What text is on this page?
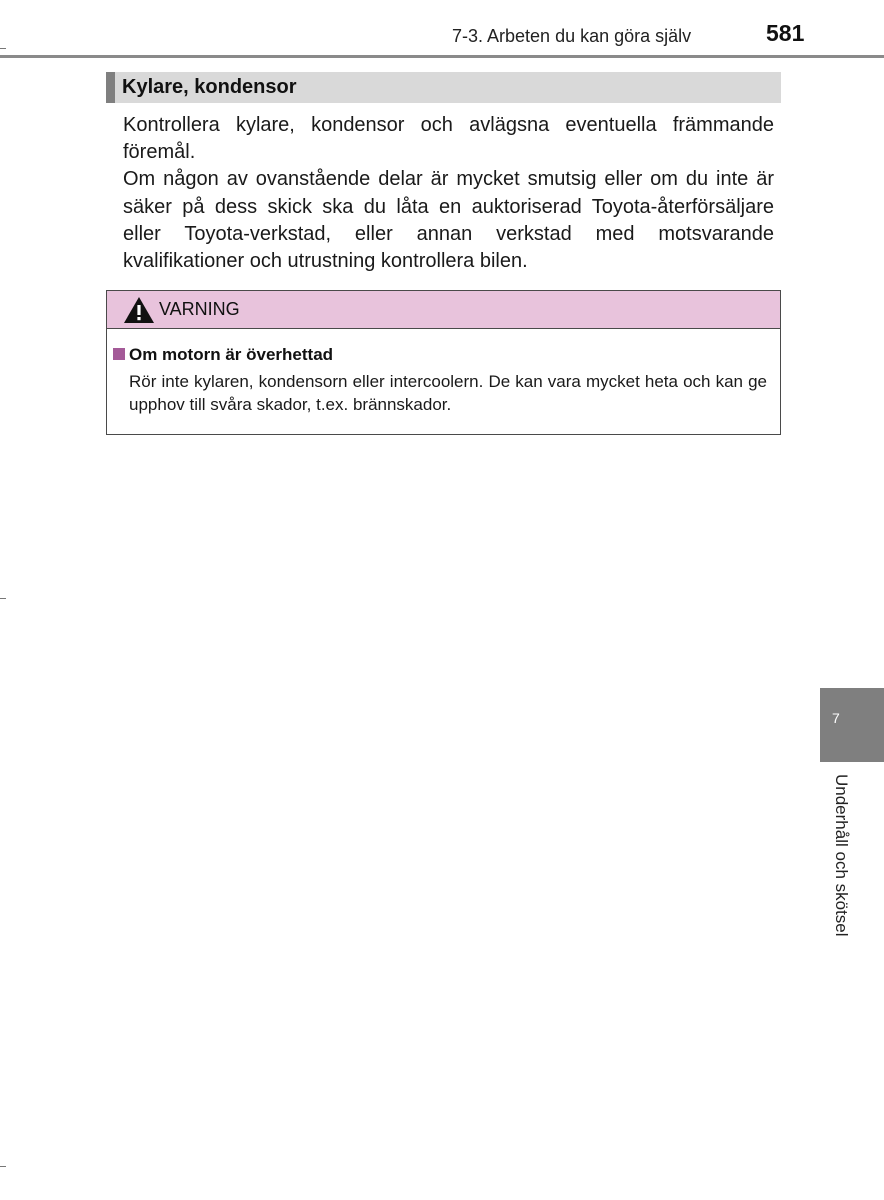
7-3. Arbeten du kan göra själv	581
Kylare, kondensor

Kontrollera kylare, kondensor och avlägsna eventuella främmande föremål.

Om någon av ovanstående delar är mycket smutsig eller om du inte är säker på dess skick ska du låta en auktoriserad Toyota-återförsäljare eller Toyota-verkstad, eller annan verkstad med motsvarande kvalifikationer och utrustning kontrollera bilen.

VARNING
Om motorn är överhettad

Rör inte kylaren, kondensorn eller intercoolern. De kan vara mycket heta och kan ge upphov till svåra skador, t.ex. brännskador.

7
Underhåll och skötsel
